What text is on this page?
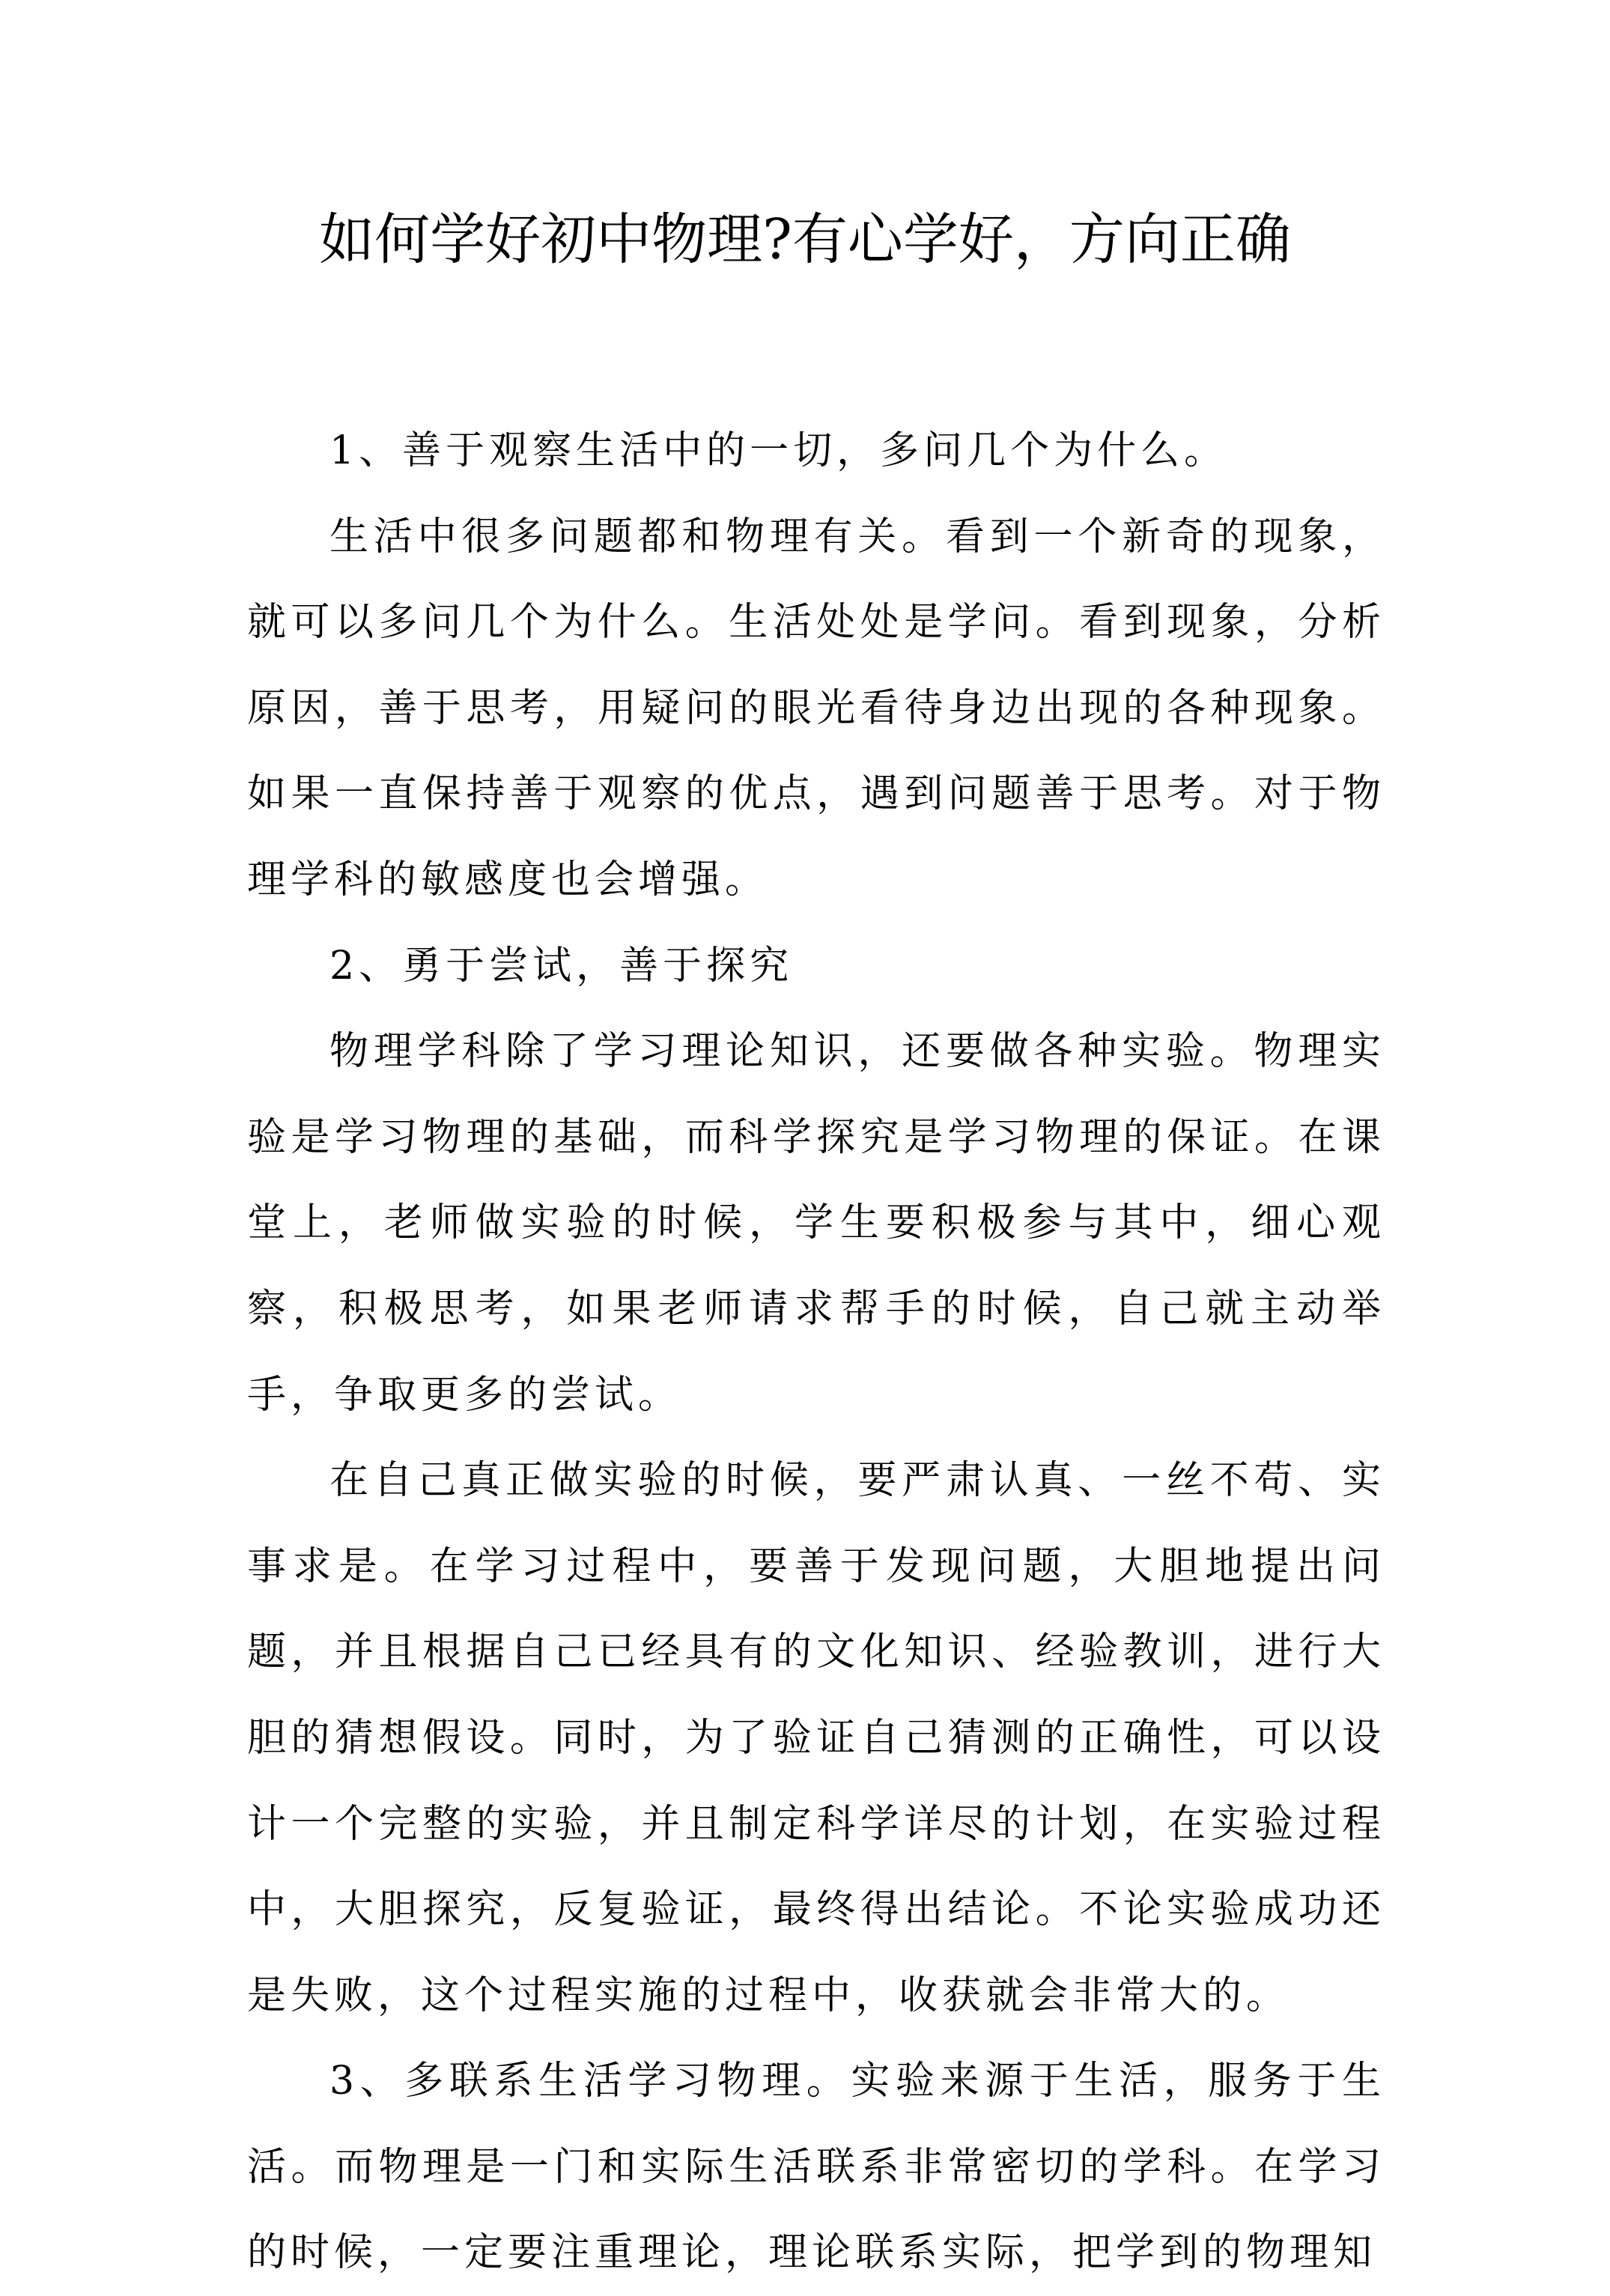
如何学好初中物理?有心学好，方向正确

1、善于观察生活中的一切，多问几个为什么。

生活中很多问题都和物理有关。看到一个新奇的现象，就可以多问几个为什么。生活处处是学问。看到现象，分析原因，善于思考，用疑问的眼光看待身边出现的各种现象。如果一直保持善于观察的优点，遇到问题善于思考。对于物理学科的敏感度也会增强。

2、勇于尝试，善于探究

物理学科除了学习理论知识，还要做各种实验。物理实验是学习物理的基础，而科学探究是学习物理的保证。在课堂上，老师做实验的时候，学生要积极参与其中，细心观察，积极思考，如果老师请求帮手的时候，自己就主动举手，争取更多的尝试。

在自己真正做实验的时候，要严肃认真、一丝不苟、实事求是。在学习过程中，要善于发现问题，大胆地提出问题，并且根据自己已经具有的文化知识、经验教训，进行大胆的猜想假设。同时，为了验证自己猜测的正确性，可以设计一个完整的实验，并且制定科学详尽的计划，在实验过程中，大胆探究，反复验证，最终得出结论。不论实验成功还是失败，这个过程实施的过程中，收获就会非常大的。

3、多联系生活学习物理。实验来源于生活，服务于生活。而物理是一门和实际生活联系非常密切的学科。在学习的时候，一定要注重理论，理论联系实际，把学到的物理知
